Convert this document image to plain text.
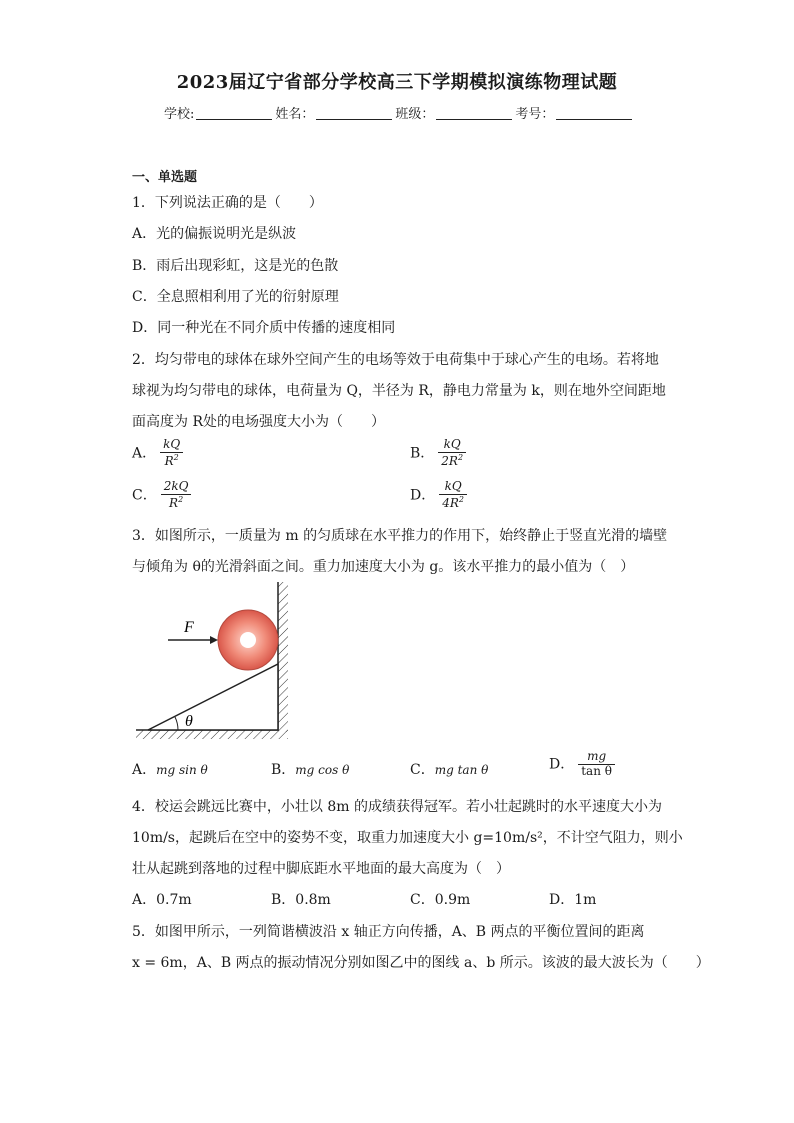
2023届辽宁省部分学校高三下学期模拟演练物理试题
学校:	姓名：	班级：	考号：
一、单选题
1．下列说法正确的是（　　）
A．光的偏振说明光是纵波
B．雨后出现彩虹，这是光的色散
C．全息照相利用了光的衍射原理
D．同一种光在不同介质中传播的速度相同
2．均匀带电的球体在球外空间产生的电场等效于电荷集中于球心产生的电场。若将地
球视为均匀带电的球体，电荷量为 Q，半径为 R，静电力常量为 k，则在地外空间距地
面高度为 R处的电场强度大小为（　　）
A． $\frac{kQ}{R^2}$	B． $\frac{kQ}{2R^2}$
C． $\frac{2kQ}{R^2}$	D． $\frac{kQ}{4R^2}$
3．如图所示，一质量为 m 的匀质球在水平推力的作用下，始终静止于竖直光滑的墙壁
与倾角为 θ的光滑斜面之间。重力加速度大小为 g。该水平推力的最小值为（　）
θ
F
A．mg sin θ	B．mg cos θ	C．mg tan θ	D． $\frac{mg}{\text{tan θ}}$
4．校运会跳远比赛中，小壮以 8m 的成绩获得冠军。若小壮起跳时的水平速度大小为
10m/s，起跳后在空中的姿势不变，取重力加速度大小 g=10m/s²，不计空气阻力，则小
壮从起跳到落地的过程中脚底距水平地面的最大高度为（　）
A．0.7m	B．0.8m	C．0.9m	D．1m
5．如图甲所示，一列简谐横波沿 x 轴正方向传播，A、B 两点的平衡位置间的距离
x = 6m，A、B 两点的振动情况分别如图乙中的图线 a、b 所示。该波的最大波长为（　　）
